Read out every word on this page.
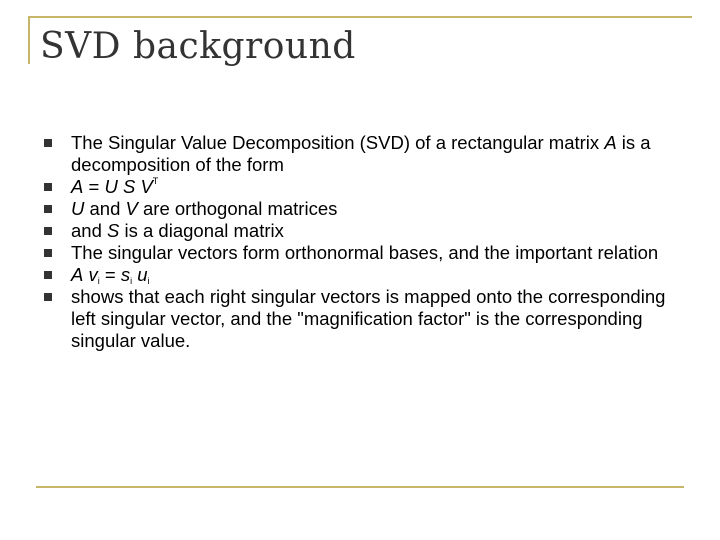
SVD background
The Singular Value Decomposition (SVD) of a rectangular matrix A is a decomposition of the form
A = U S $V^T$
U and V are orthogonal matrices
and S is a diagonal matrix
The singular vectors form orthonormal bases, and the important relation
A $v_i = s_i$ $u_i$
shows that each right singular vectors is mapped onto the corresponding left singular vector, and the "magnification factor" is the corresponding singular value.
